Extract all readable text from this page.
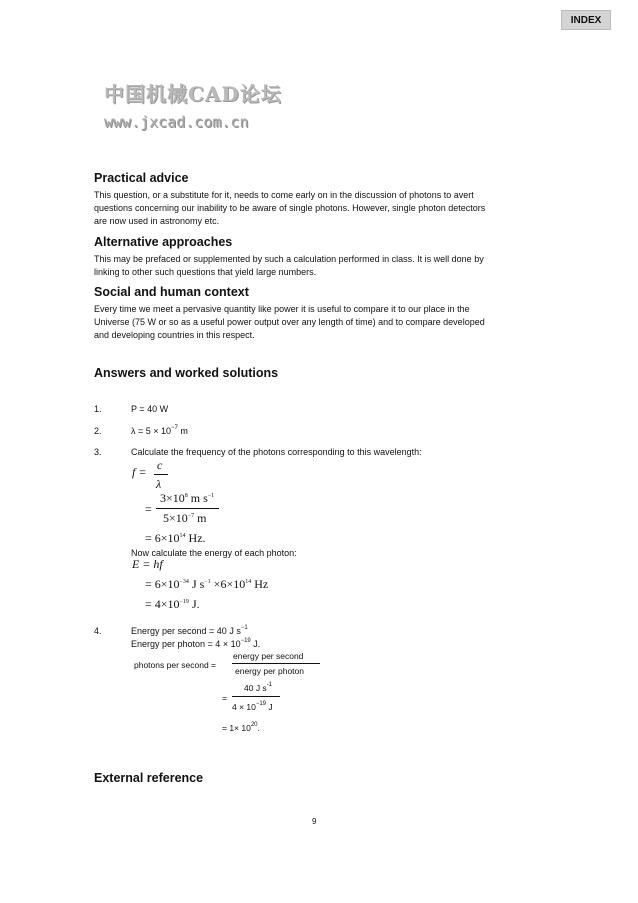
INDEX
中国机械CAD论坛
www.jxcad.com.cn
Practical advice
This question, or a substitute for it, needs to come early on in the discussion of photons to avert
questions concerning our inability to be aware of single photons. However, single photon detectors
are now used in astronomy etc.
Alternative approaches
This may be prefaced or supplemented by such a calculation performed in class. It is well done by
linking to other such questions that yield large numbers.
Social and human context
Every time we meet a pervasive quantity like power it is useful to compare it to our place in the
Universe (75 W or so as a useful power output over any length of time) and to compare developed
and developing countries in this respect.
Answers and worked solutions
1.	P = 40 W
2.	$\lambda = 5 \times 10^{-7}$ m
3.	Calculate the frequency of the photons corresponding to this wavelength:
f = c
λ
=
$3\times 10^8$ m $s^{-1}$
$5\times 10^{-7}$ m
= $6\times 10^{14}$ Hz.
Now calculate the energy of each photon:
E = hf
= $6\times 10^{-34}$ J $s^{-1} \times 6\times 10^{14}$ Hz
= $4\times 10^{-19}$ J.
4.	Energy per second = 40 J $s^{-1}$
Energy per photon = $4 \times 10^{-19}$ J.
photons per second =
energy per second
energy per photon
=
40 J $s^{-1}$
$4 \times 10^{-19}$ J
= $1\times 10^{20}$.
External reference
9
